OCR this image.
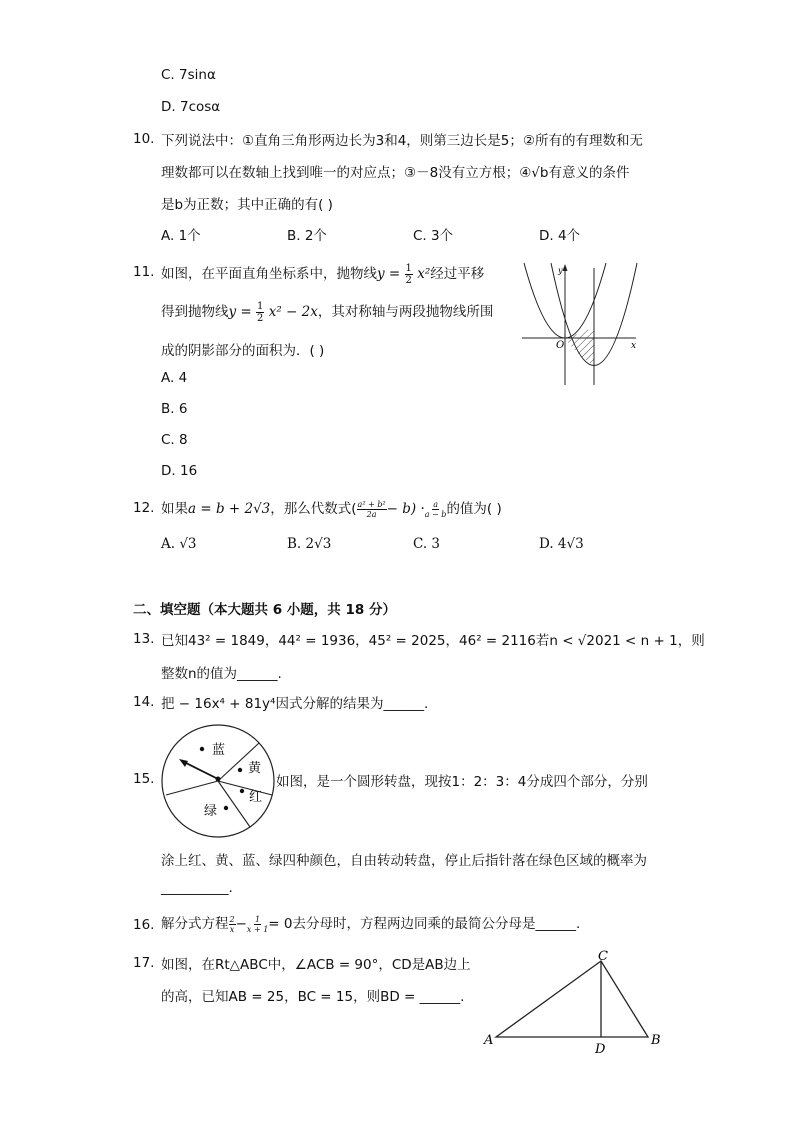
C. 7sinα
D. 7cosα
10. 下列说法中：①直角三角形两边长为3和4，则第三边长是5；②所有的有理数和无
理数都可以在数轴上找到唯一的对应点；③－8没有立方根；④√b有意义的条件
是b为正数；其中正确的有( )
A. 1个	B. 2个	C. 3个	D. 4个
11. 如图，在平面直角坐标系中，抛物线$y = \frac{1}{2} x^2$经过平移
得到抛物线$y = \frac{1}{2} x^2 - 2x$，其对称轴与两段抛物线所围
成的阴影部分的面积为．( )
A. 4
B. 6
C. 8
D. 16
y
x
O
12. 如果a = b + 2√3，那么代数式( $\frac{\text{a² + b²}}{2a} - b) \cdot \frac{a}{a - b}$ 的值为( )
A. √3	B. 2√3	C. 3	D. 4√3
二、填空题（本大题共 6 小题，共 18 分）
13. 已知43² = 1849，44² = 1936，45² = 2025，46² = 2116若n < √2021 < n + 1，则
整数n的值为______.
14. 把 − 16x⁴ + 81y⁴因式分解的结果为______.
15.
蓝
黄
红
绿
如图，是一个圆形转盘，现按1：2：3：4分成四个部分，分别
涂上红、黄、蓝、绿四种颜色，自由转动转盘，停止后指针落在绿色区域的概率为
__________.
16. 解分式方程 $\frac{2}{x} - \frac{1}{x + 1} = 0$去分母时，方程两边同乘的最简公分母是______.
17. 如图，在Rt△ABC中，∠ACB = 90°，CD是AB边上
的高，已知AB = 25，BC = 15，则BD = ______.
C
A	B
D
